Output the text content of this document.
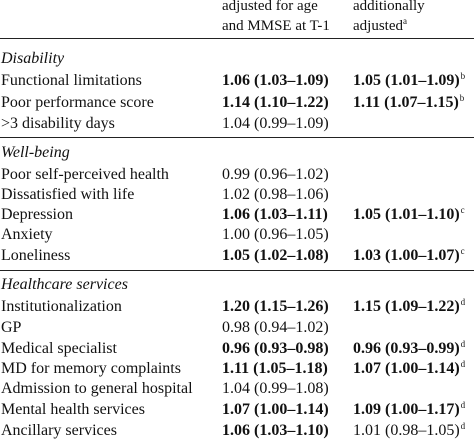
adjusted for age
and MMSE at T-1
additionally
adjusted$^a$
Disability
Functional limitations	1.06 (1.03–1.09) 1.05 $(1.01-1.09)^b$
Poor performance score	1.14 (1.10–1.22) 1.11 $(1.07-1.15)^b$
>3 disability days	1.04 (0.99–1.09)
Well-being
Poor self-perceived health	0.99 (0.96–1.02)
Dissatisfied with life	1.02 (0.98–1.06)
Depression	1.06 (1.03–1.11) 1.05 $(1.01-1.10)^c$
Anxiety	1.00 (0.96–1.05)
Loneliness	1.05 (1.02–1.08) 1.03 $(1.00-1.07)^c$
Healthcare services
Institutionalization	1.20 (1.15–1.26) 1.15 $(1.09-1.22)^d$
GP	0.98 (0.94–1.02)
Medical specialist	0.96 (0.93–0.98) 0.96 $(0.93-0.99)^d$
MD for memory complaints	1.11 (1.05–1.18) 1.07 $(1.00-1.14)^d$
Admission to general hospital 1.04 (0.99–1.08)
Mental health services	1.07 (1.00–1.14) 1.09 $(1.00-1.17)^d$
Ancillary services	1.06 (1.03–1.10) 1.01 $(0.98-1.05)^d$
